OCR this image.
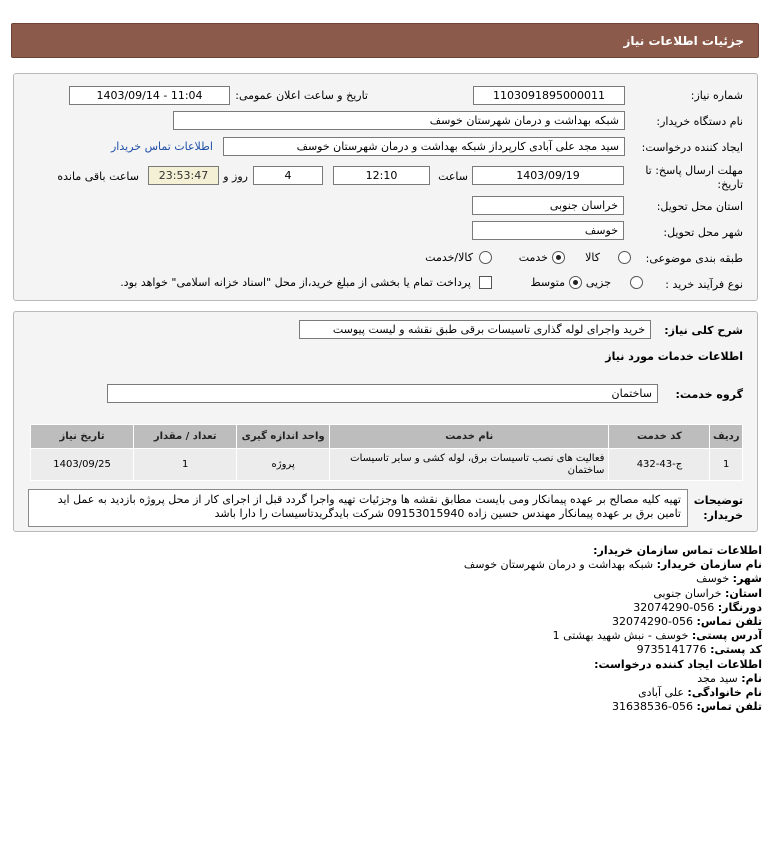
جزئیات اطلاعات نیاز
شماره نیاز:
1103091895000011
تاریخ و ساعت اعلان عمومی:
1403/09/14 - 11:04
نام دستگاه خریدار:
شبکه بهداشت و درمان شهرستان خوسف
ایجاد کننده درخواست:
سید مجد علی آبادی کارپرداز شبکه بهداشت و درمان شهرستان خوسف
اطلاعات تماس خریدار
مهلت ارسال پاسخ: تا
تاریخ:
1403/09/19
ساعت
12:10
4
روز و
23:53:47
ساعت باقی مانده
استان محل تحویل:
خراسان جنوبی
شهر محل تحویل:
خوسف
طبقه بندی موضوعی:
کالا
خدمت
کالا/خدمت
نوع فرآیند خرید :
جزیی
متوسط
پرداخت تمام یا بخشی از مبلغ خرید،از محل "اسناد خزانه اسلامی" خواهد بود.
شرح کلی نیاز:
خرید واجرای لوله گذاری تاسیسات برقی طبق نقشه و لیست پیوست
اطلاعات خدمات مورد نیاز
گروه خدمت:
ساختمان
ردیف	کد خدمت	نام خدمت	واحد اندازه گیری	تعداد / مقدار	تاریخ نیاز
1	ج-43-432	فعالیت های نصب تاسیسات برق، لوله کشی و سایر تاسیسات ساختمان	پروژه	1	1403/09/25
توضیحات
خریدار:
تهیه کلیه مصالح بر عهده پیمانکار ومی بایست مطابق نقشه ها وجزئیات تهیه واجرا گردد قبل از اجرای کار از محل پروژه بازدید به عمل اید تامین برق بر عهده پیمانکار مهندس حسین زاده 09153015940 شرکت بایدگریدتاسیسات را دارا باشد
اطلاعات تماس سازمان خریدار:
نام سازمان خریدار: شبکه بهداشت و درمان شهرستان خوسف
شهر: خوسف
استان: خراسان جنوبی
دورنگار: 056-32074290
تلفن تماس: 056-32074290
آدرس پستی: خوسف - نبش شهید بهشتی 1
کد پستی: 9735141776
اطلاعات ایجاد کننده درخواست:
نام: سید مجد
نام خانوادگی: علی آبادی
تلفن تماس: 056-31638536
